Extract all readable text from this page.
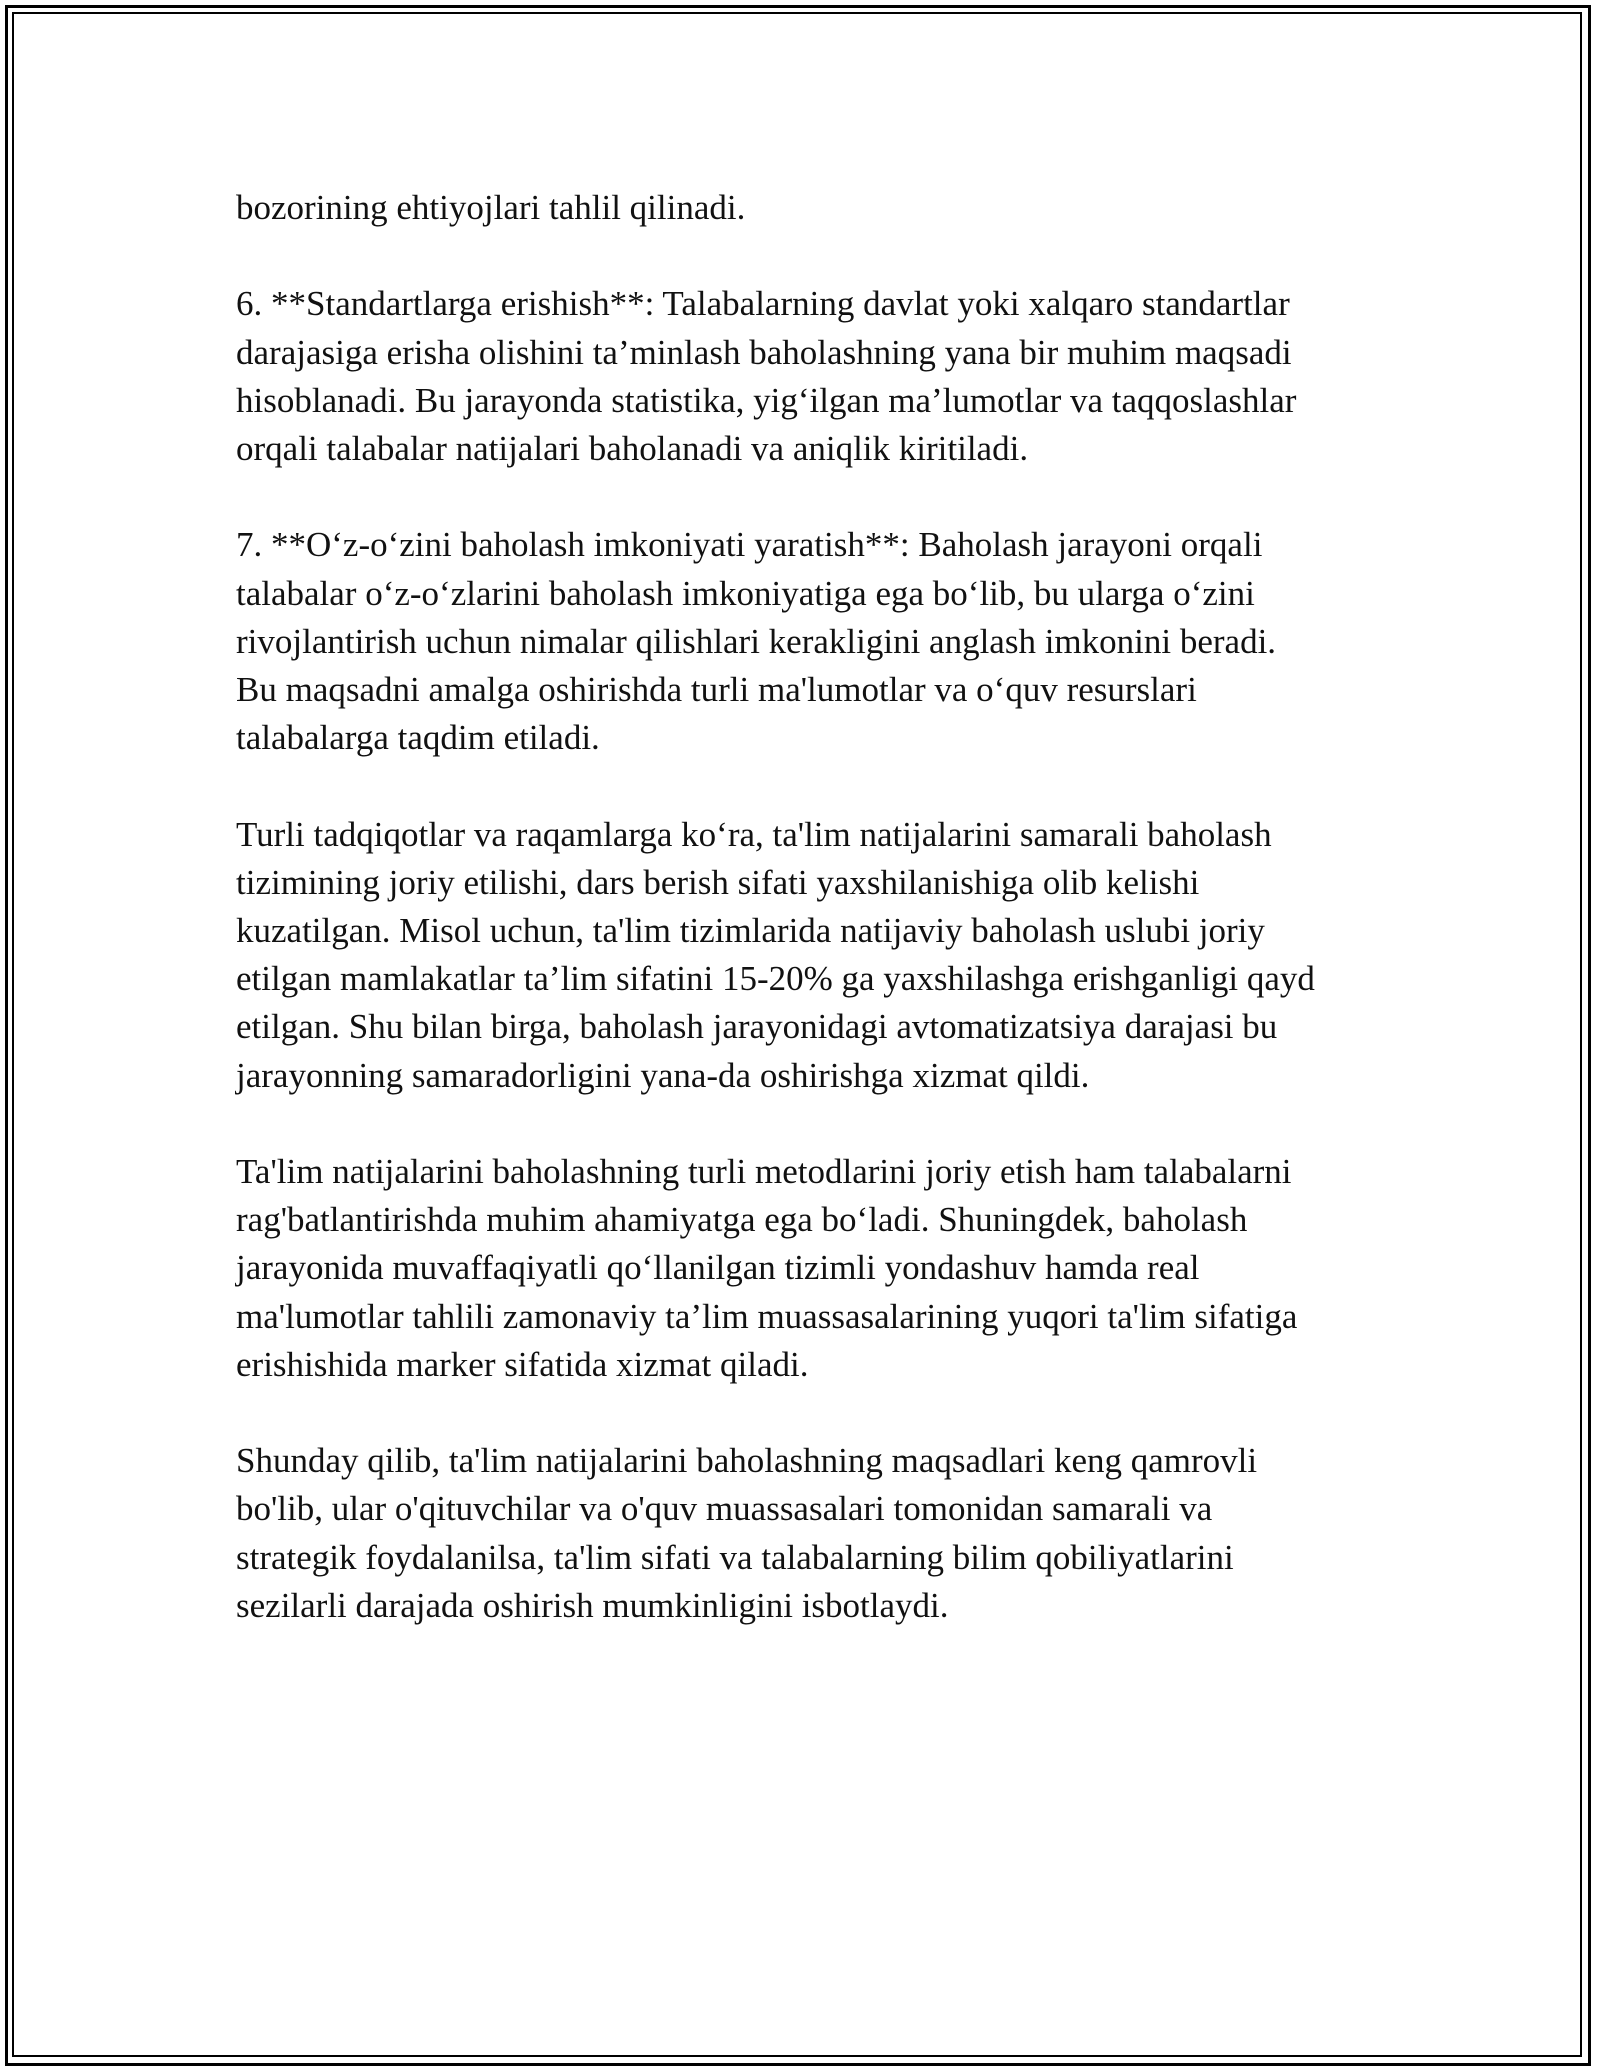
bozorining ehtiyojlari tahlil qilinadi.

6. **Standartlarga erishish**: Talabalarning davlat yoki xalqaro standartlar
darajasiga erisha olishini ta’minlash baholashning yana bir muhim maqsadi
hisoblanadi. Bu jarayonda statistika, yig‘ilgan ma’lumotlar va taqqoslashlar
orqali talabalar natijalari baholanadi va aniqlik kiritiladi.

7. **O‘z-o‘zini baholash imkoniyati yaratish**: Baholash jarayoni orqali
talabalar o‘z-o‘zlarini baholash imkoniyatiga ega bo‘lib, bu ularga o‘zini
rivojlantirish uchun nimalar qilishlari kerakligini anglash imkonini beradi.
Bu maqsadni amalga oshirishda turli ma'lumotlar va o‘quv resurslari
talabalarga taqdim etiladi.

Turli tadqiqotlar va raqamlarga ko‘ra, ta'lim natijalarini samarali baholash
tizimining joriy etilishi, dars berish sifati yaxshilanishiga olib kelishi
kuzatilgan. Misol uchun, ta'lim tizimlarida natijaviy baholash uslubi joriy
etilgan mamlakatlar ta’lim sifatini 15-20% ga yaxshilashga erishganligi qayd
etilgan. Shu bilan birga, baholash jarayonidagi avtomatizatsiya darajasi bu
jarayonning samaradorligini yana-da oshirishga xizmat qildi.

Ta'lim natijalarini baholashning turli metodlarini joriy etish ham talabalarni
rag'batlantirishda muhim ahamiyatga ega bo‘ladi. Shuningdek, baholash
jarayonida muvaffaqiyatli qo‘llanilgan tizimli yondashuv hamda real
ma'lumotlar tahlili zamonaviy ta’lim muassasalarining yuqori ta'lim sifatiga
erishishida marker sifatida xizmat qiladi.

Shunday qilib, ta'lim natijalarini baholashning maqsadlari keng qamrovli
bo'lib, ular o'qituvchilar va o'quv muassasalari tomonidan samarali va
strategik foydalanilsa, ta'lim sifati va talabalarning bilim qobiliyatlarini
sezilarli darajada oshirish mumkinligini isbotlaydi.
